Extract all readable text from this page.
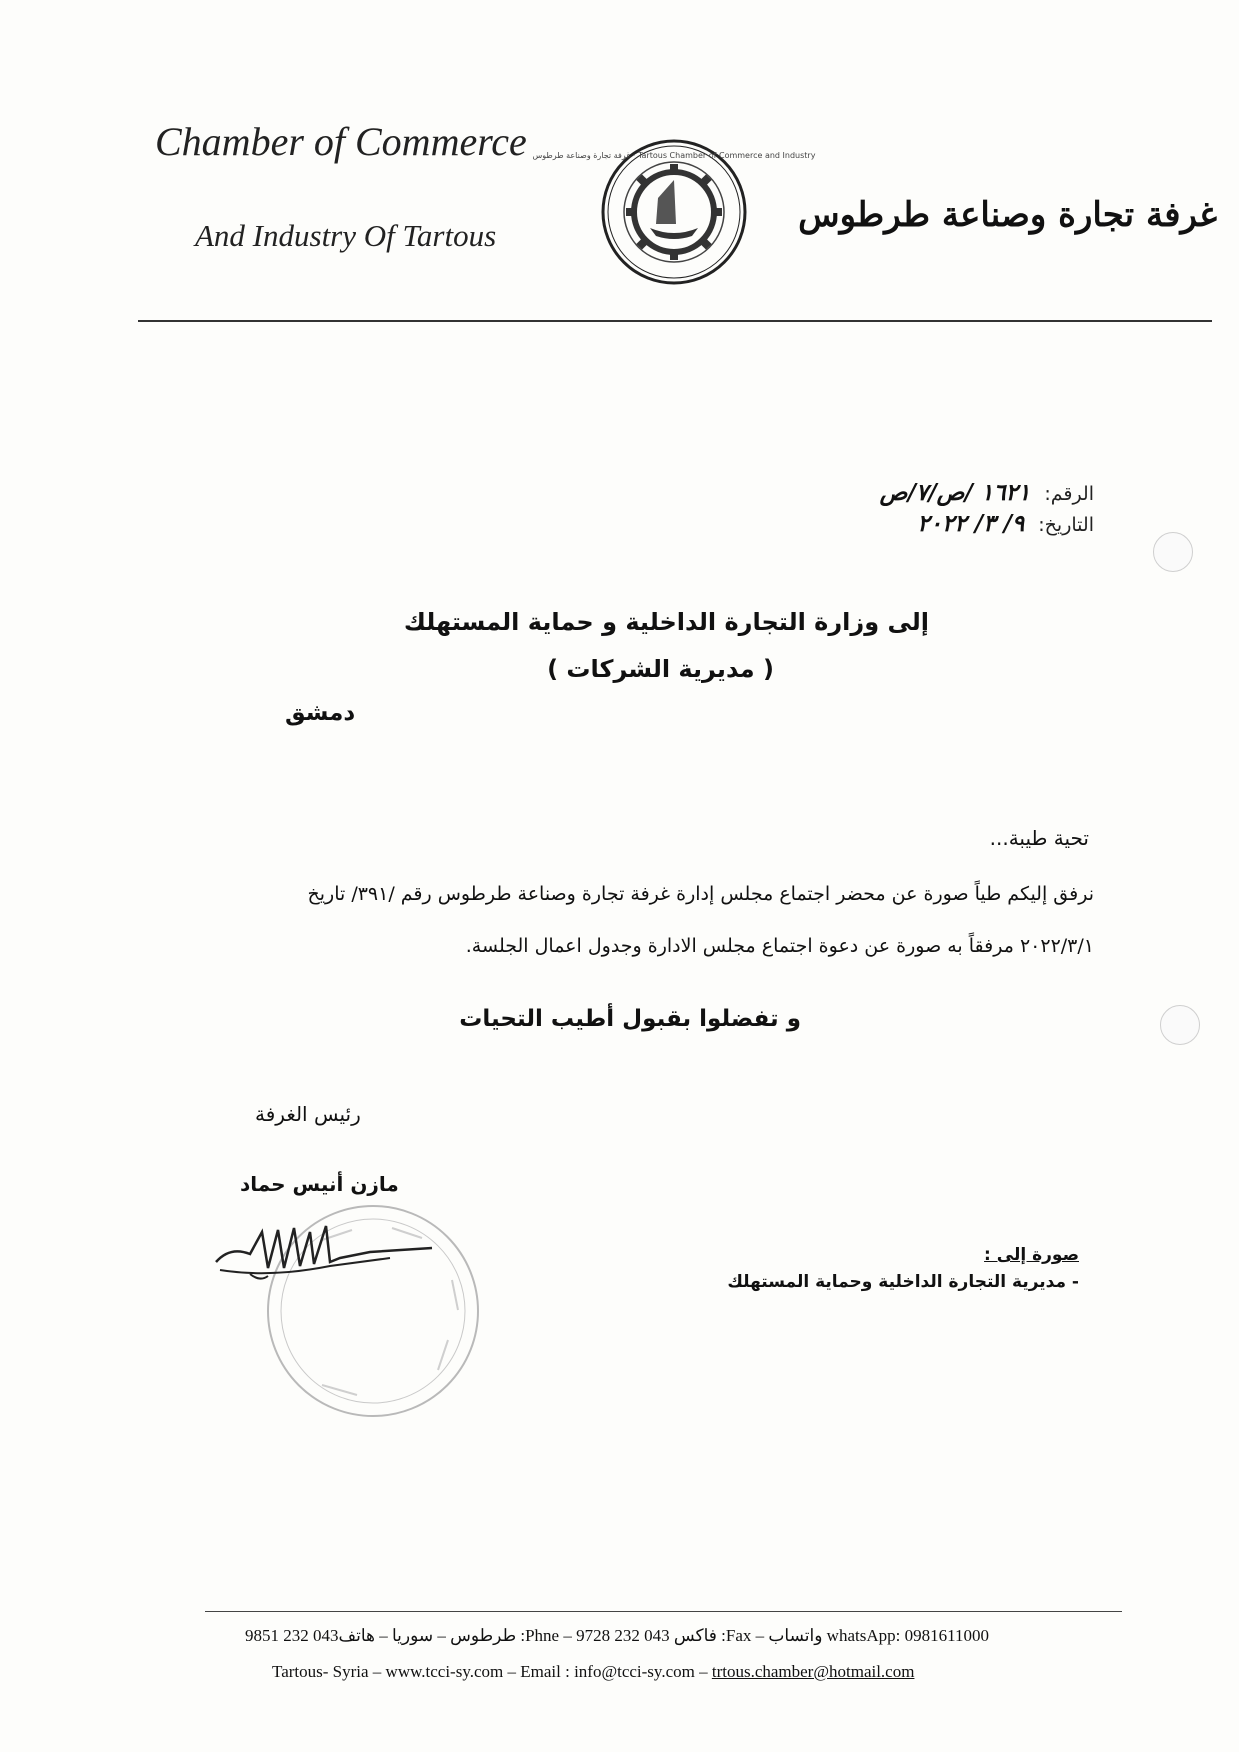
Chamber of Commerce
And Industry Of Tartous
غرفة تجارة وصناعة طرطوس
غرفة تجارة وصناعة طرطوس · Tartous Chamber of Commerce and Industry
الرقم: ١٦٢١ /ص/٧/ص
التاريخ: ٩/ ٣/ ٢٠٢٢
إلى وزارة التجارة الداخلية و حماية المستهلك
( مديرية الشركات )
دمشق
تحية طيبة...
نرفق إليكم طياً صورة عن محضر اجتماع مجلس إدارة غرفة تجارة وصناعة طرطوس رقم /٣٩١/ تاريخ ٢٠٢٢/٣/١ مرفقاً به صورة عن دعوة اجتماع مجلس الادارة وجدول اعمال الجلسة.
و تفضلوا بقبول أطيب التحيات
رئيس الغرفة
مازن أنيس حماد
صورة إلى :
- مديرية التجارة الداخلية وحماية المستهلك
طرطوس – سوريا – هاتف043 232 9851 :Phne – فاكس 043 232 9728 :Fax – واتساب whatsApp: 0981611000
Tartous- Syria – www.tcci-sy.com – Email : info@tcci-sy.com – trtous.chamber@hotmail.com
